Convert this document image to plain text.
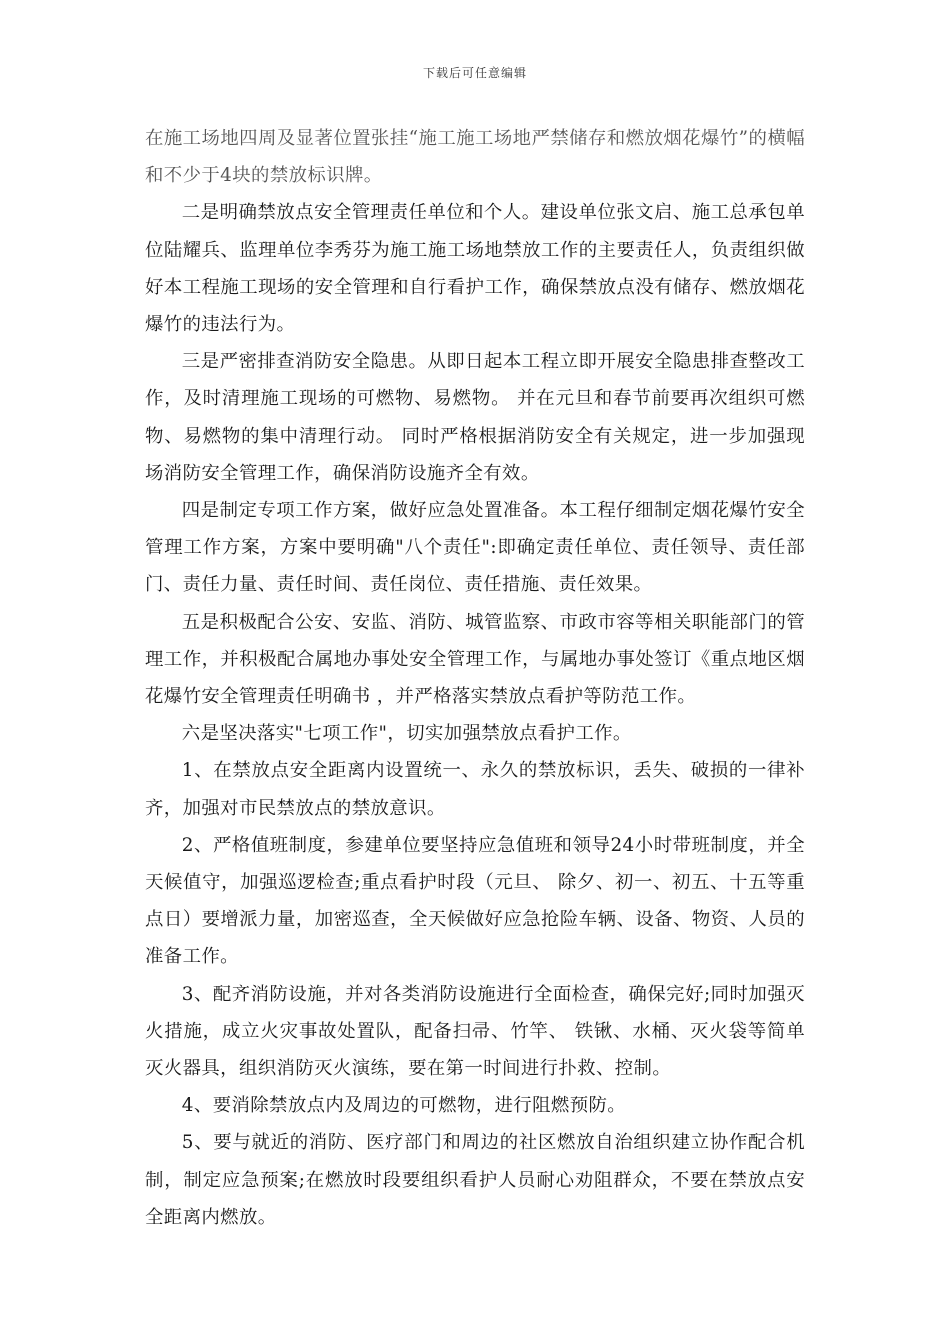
下载后可任意编辑

在施工场地四周及显著位置张挂“施工施工场地严禁储存和燃放烟花爆竹”的横幅和不少于4块的禁放标识牌。

二是明确禁放点安全管理责任单位和个人。建设单位张文启、施工总承包单位陆耀兵、监理单位李秀芬为施工施工场地禁放工作的主要责任人，负责组织做好本工程施工现场的安全管理和自行看护工作，确保禁放点没有储存、燃放烟花爆竹的违法行为。

三是严密排查消防安全隐患。从即日起本工程立即开展安全隐患排查整改工作，及时清理施工现场的可燃物、易燃物。 并在元旦和春节前要再次组织可燃物、易燃物的集中清理行动。 同时严格根据消防安全有关规定，进一步加强现场消防安全管理工作，确保消防设施齐全有效。

四是制定专项工作方案，做好应急处置准备。本工程仔细制定烟花爆竹安全管理工作方案，方案中要明确"八个责任":即确定责任单位、责任领导、责任部门、责任力量、责任时间、责任岗位、责任措施、责任效果。

五是积极配合公安、安监、消防、城管监察、市政市容等相关职能部门的管理工作，并积极配合属地办事处安全管理工作，与属地办事处签订《重点地区烟花爆竹安全管理责任明确书 ，并严格落实禁放点看护等防范工作。

六是坚决落实"七项工作"，切实加强禁放点看护工作。

1、在禁放点安全距离内设置统一、永久的禁放标识，丢失、破损的一律补齐，加强对市民禁放点的禁放意识。

2、严格值班制度，参建单位要坚持应急值班和领导24小时带班制度，并全天候值守，加强巡逻检查;重点看护时段（元旦、 除夕、初一、初五、十五等重点日）要增派力量，加密巡查，全天候做好应急抢险车辆、设备、物资、人员的准备工作。

3、配齐消防设施，并对各类消防设施进行全面检查，确保完好;同时加强灭火措施，成立火灾事故处置队，配备扫帚、竹竿、 铁锹、水桶、灭火袋等简单灭火器具，组织消防灭火演练，要在第一时间进行扑救、控制。

4、要消除禁放点内及周边的可燃物，进行阻燃预防。

5、要与就近的消防、医疗部门和周边的社区燃放自治组织建立协作配合机制，制定应急预案;在燃放时段要组织看护人员耐心劝阻群众，不要在禁放点安全距离内燃放。
